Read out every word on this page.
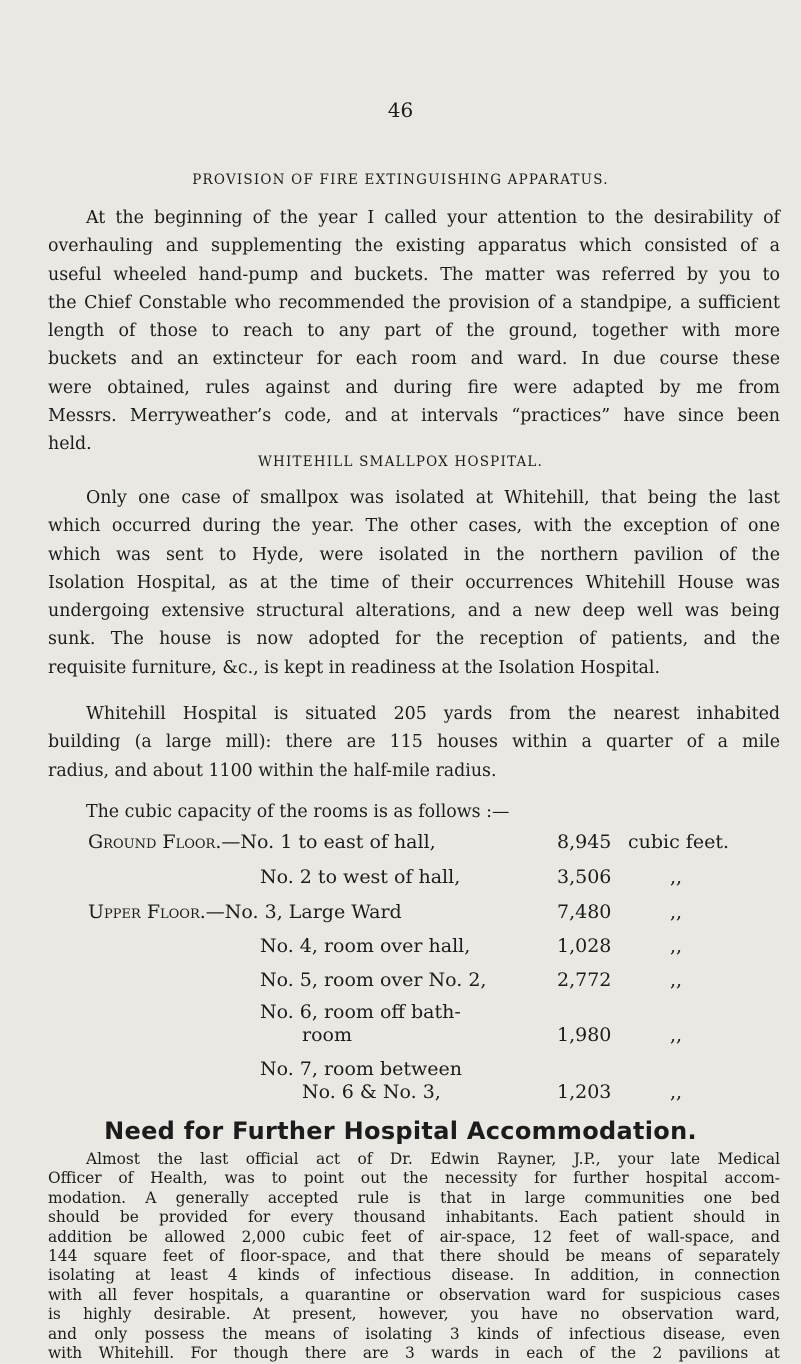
46
PROVISION OF FIRE EXTINGUISHING APPARATUS.

At the beginning of the year I called your attention to the desirability of
overhauling and supplementing the existing apparatus which consisted of a
useful wheeled hand-pump and buckets. The matter was referred by you to
the Chief Constable who recommended the provision of a standpipe, a sufficient
length of those to reach to any part of the ground, together with more
buckets and an extincteur for each room and ward. In due course these
were obtained, rules against and during fire were adapted by me from
Messrs. Merryweather’s code, and at intervals “practices” have since been
held.

WHITEHILL SMALLPOX HOSPITAL.

Only one case of smallpox was isolated at Whitehill, that being the last
which occurred during the year. The other cases, with the exception of one
which was sent to Hyde, were isolated in the northern pavilion of the
Isolation Hospital, as at the time of their occurrences Whitehill House was
undergoing extensive structural alterations, and a new deep well was being
sunk. The house is now adopted for the reception of patients, and the
requisite furniture, &c., is kept in readiness at the Isolation Hospital.

Whitehill Hospital is situated 205 yards from the nearest inhabited
building (a large mill): there are 115 houses within a quarter of a mile
radius, and about 1100 within the half-mile radius.

The cubic capacity of the rooms is as follows :—

Ground Floor.—No. 1 to east of hall,	8,945 cubic feet.
No. 2 to west of hall,	3,506	,,
Upper Floor.—No. 3, Large Ward	7,480	,,
No. 4, room over hall,	1,028	,,
No. 5, room over No. 2,	2,772	,,
No. 6, room off bath-
room	1,980	,,
No. 7, room between
No. 6 & No. 3,	1,203	,,
Need for Further Hospital Accommodation.

Almost the last official act of Dr. Edwin Rayner, J.P., your late Medical
Officer of Health, was to point out the necessity for further hospital accom-
modation. A generally accepted rule is that in large communities one bed
should be provided for every thousand inhabitants. Each patient should in
addition be allowed 2,000 cubic feet of air-space, 12 feet of wall-space, and
144 square feet of floor-space, and that there should be means of separately
isolating at least 4 kinds of infectious disease. In addition, in connection
with all fever hospitals, a quarantine or observation ward for suspicious cases
is highly desirable. At present, however, you have no observation ward,
and only possess the means of isolating 3 kinds of infectious disease, even
with Whitehill. For though there are 3 wards in each of the 2 pavilions at
